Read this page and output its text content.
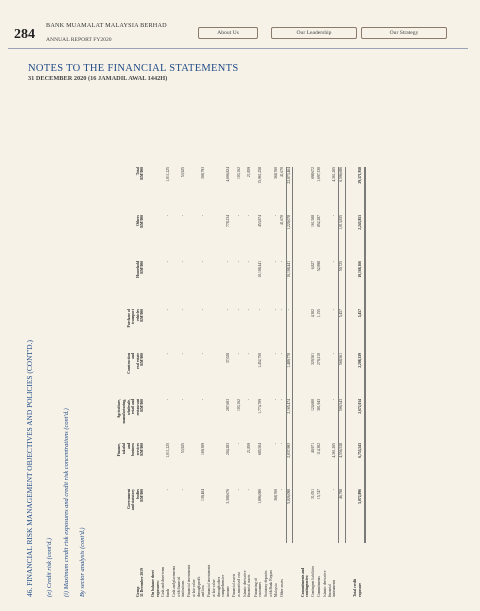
284
BANK MUAMALAT MALAYSIA BERHAD
ANNUAL REPORT FY2020
About Us	Our Leadership	Our Strategy
NOTES TO THE FINANCIAL STATEMENTS
31 DECEMBER 2020 (16 JAMADIL AWAL 1442H)
46. FINANCIAL RISK MANAGEMENT OBJECTIVES AND POLICIES (CONT'D.) (e) Credit risk (cont'd.) (i) Maximum credit risk exposures and credit risk concentrations (cont'd.) By sector analysis (cont'd.)
Government
and statutory
bodies
RM'000
Finance,
takaful
and
business
services
RM'000
Agriculture,
manufacturing,
wholesale,
retail and
restaurant
RM'000
Construction
and
real estate
RM'000
Purchase of
transport
vehicles
RM'000
Household
RM'000
Others
RM'000
Total
RM'000
Group
31 December 2019
On balance sheet
exposures: Cash and short-term
funds
-
1,011,225
-
-
-
-
-
1,011,225
Cash and placements
with financial
institutions
-
53,925
-
-
-
-
-
53,925
Financial investments
at fair value
through profit
and loss
139,484
169,309
-
-
-
-
-
308,793
Financial investments
at fair value
through other
comprehensive
income
3,308,676
204,283
287,603
37,028
-
-
778,234
4,606,824
Financial assets
at amortised cost
-
-
103,162
-
-
-
-
103,162
Islamic derivative
financial assets
-
21,859
-
-
-
-
-
21,859
Financing of
customers
1,896,080
685,504
1,774,709
1,452,750
-
10,108,441
453,874
15,961,258
Statutory deposits
with Bank Negara
Malaysia
368,760
-
-
-
-
-
-
368,760
Other assets
-
-
-
-
-
-
41,670
41,670
5,026,098
2,037,993
2,165,474
1,489,778
-
10,108,441
1,229,078
22,073,464
Commitments and
contingencies: Contingent liabilities
31,051
40,971
124,600
329,501
4,302
6,827
161,508
698,672
Commitments
15,747
114,302
381,943
279,210
1,155
52,898
852,287
1,697,330
Islamic derivative
financial
instruments
-
4,361,265
-
-
-
-
-
4,361,265
46,798
4,556,538
506,543
568,561
5,457
59,725
1,013,835
6,596,686
Total credit
exposure
5,072,896
6,753,543
2,672,014
2,208,339
5,457
10,168,166
2,243,853
29,371,958
